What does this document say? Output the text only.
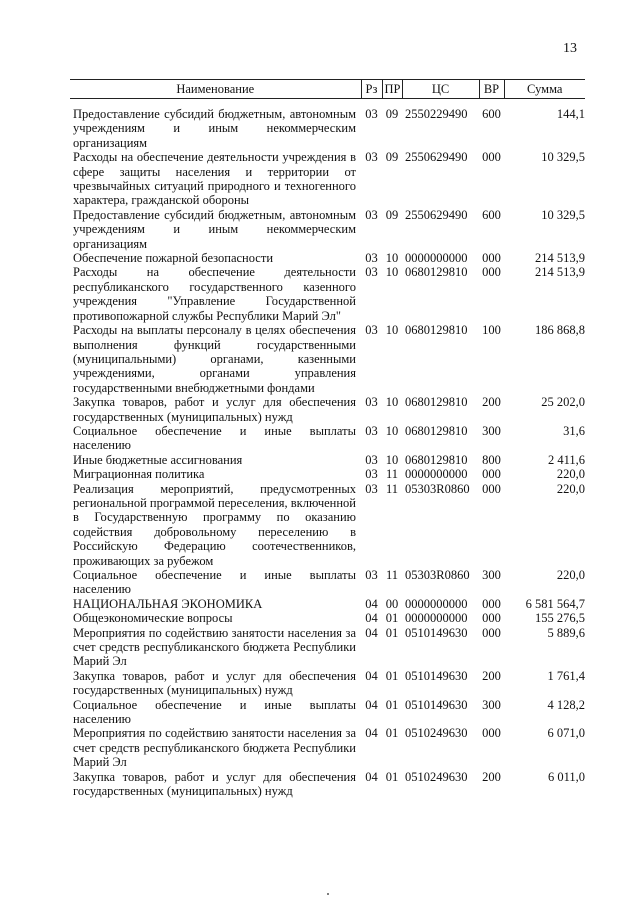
13
Наименование	Рз	ПР	ЦС	ВР	Сумма

Предоставление субсидий бюджетным, автономным учреждениям и иным некоммерческим организациям	03	09	2550229490	600	144,1
Расходы на обеспечение деятельности учреждения в сфере защиты населения и территории от чрезвычайных ситуаций природного и техногенного характера, гражданской обороны	03	09	2550629490	000	10 329,5
Предоставление субсидий бюджетным, автономным учреждениям и иным некоммерческим организациям	03	09	2550629490	600	10 329,5
Обеспечение пожарной безопасности	03	10	0000000000	000	214 513,9
Расходы на обеспечение деятельности республиканского государственного казенного учреждения "Управление Государственной противопожарной службы Республики Марий Эл"	03	10	0680129810	000	214 513,9
Расходы на выплаты персоналу в целях обеспечения выполнения функций государственными (муниципальными) органами, казенными учреждениями, органами управления государственными внебюджетными фондами	03	10	0680129810	100	186 868,8
Закупка товаров, работ и услуг для обеспечения государственных (муниципальных) нужд	03	10	0680129810	200	25 202,0
Социальное обеспечение и иные выплаты населению	03	10	0680129810	300	31,6
Иные бюджетные ассигнования	03	10	0680129810	800	2 411,6
Миграционная политика	03	11	0000000000	000	220,0
Реализация мероприятий, предусмотренных региональной программой переселения, включенной в Государственную программу по оказанию содействия добровольному переселению в Российскую Федерацию соотечественников, проживающих за рубежом	03	11	05303R0860	000	220,0
Социальное обеспечение и иные выплаты населению	03	11	05303R0860	300	220,0
НАЦИОНАЛЬНАЯ ЭКОНОМИКА	04	00	0000000000	000	6 581 564,7
Общеэкономические вопросы	04	01	0000000000	000	155 276,5
Мероприятия по содействию занятости населения за счет средств республиканского бюджета Республики Марий Эл	04	01	0510149630	000	5 889,6
Закупка товаров, работ и услуг для обеспечения государственных (муниципальных) нужд	04	01	0510149630	200	1 761,4
Социальное обеспечение и иные выплаты населению	04	01	0510149630	300	4 128,2
Мероприятия по содействию занятости населения за счет средств республиканского бюджета Республики Марий Эл	04	01	0510249630	000	6 071,0
Закупка товаров, работ и услуг для обеспечения государственных (муниципальных) нужд	04	01	0510249630	200	6 011,0
